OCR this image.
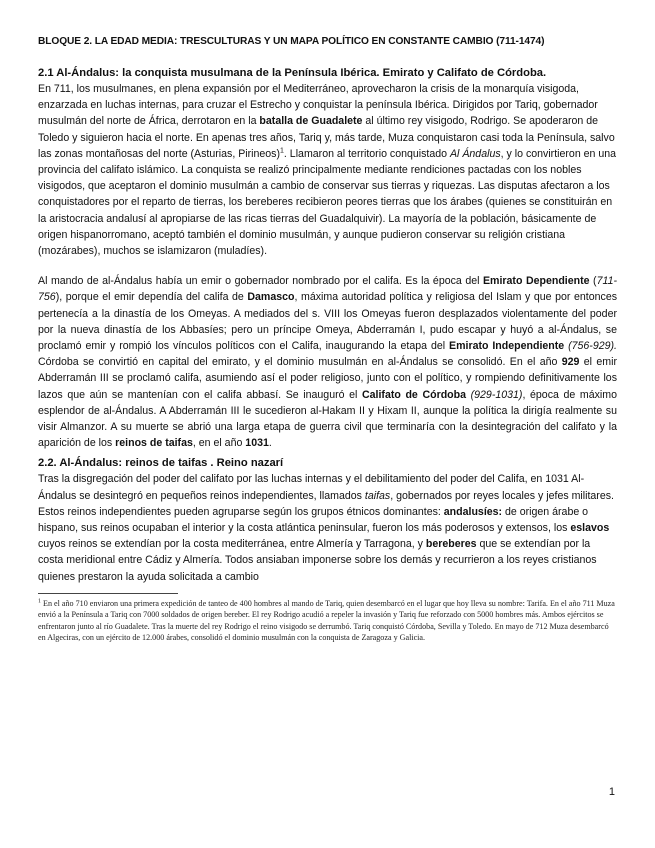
BLOQUE 2. LA EDAD MEDIA: TRESCULTURAS Y UN MAPA POLÍTICO EN CONSTANTE CAMBIO (711-1474)
2.1 Al-Ándalus: la conquista musulmana de la Península Ibérica. Emirato y Califato de Córdoba.

En 711, los musulmanes, en plena expansión por el Mediterráneo, aprovecharon la crisis de la monarquía visigoda, enzarzada en luchas internas, para cruzar el Estrecho y conquistar la península Ibérica. Dirigidos por Tariq, gobernador musulmán del norte de África, derrotaron en la batalla de Guadalete al último rey visigodo, Rodrigo. Se apoderaron de Toledo y siguieron hacia el norte. En apenas tres años, Tariq y, más tarde, Muza conquistaron casi toda la Península, salvo las zonas montañosas del norte (Asturias, Pirineos)$^1$. Llamaron al territorio conquistado Al Ándalus, y lo convirtieron en una provincia del califato islámico. La conquista se realizó principalmente mediante rendiciones pactadas con los nobles visigodos, que aceptaron el dominio musulmán a cambio de conservar sus tierras y riquezas. Las disputas afectaron a los conquistadores por el reparto de tierras, los bereberes recibieron peores tierras que los árabes (quienes se constituirán en la aristocracia andalusí al apropiarse de las ricas tierras del Guadalquivir). La mayoría de la población, básicamente de origen hispanorromano, aceptó también el dominio musulmán, y aunque pudieron conservar su religión cristiana (mozárabes), muchos se islamizaron (muladíes).

Al mando de al-Ándalus había un emir o gobernador nombrado por el califa. Es la época del Emirato Dependiente (711-756), porque el emir dependía del califa de Damasco, máxima autoridad política y religiosa del Islam y que por entonces pertenecía a la dinastía de los Omeyas. A mediados del s. VIII los Omeyas fueron desplazados violentamente del poder por la nueva dinastía de los Abbasíes; pero un príncipe Omeya, Abderramán I, pudo escapar y huyó a al-Ándalus, se proclamó emir y rompió los vínculos políticos con el Califa, inaugurando la etapa del Emirato Independiente (756-929). Córdoba se convirtió en capital del emirato, y el dominio musulmán en al-Ándalus se consolidó. En el año 929 el emir Abderramán III se proclamó califa, asumiendo así el poder religioso, junto con el político, y rompiendo definitivamente los lazos que aún se mantenían con el califa abbasí. Se inauguró el Califato de Córdoba (929-1031), época de máximo esplendor de al-Ándalus. A Abderramán III le sucedieron al-Hakam II y Hixam II, aunque la política la dirigía realmente su visir Almanzor. A su muerte se abrió una larga etapa de guerra civil que terminaría con la desintegración del califato y la aparición de los reinos de taifas, en el año 1031.

2.2. Al-Ándalus: reinos de taifas . Reino nazarí

Tras la disgregación del poder del califato por las luchas internas y el debilitamiento del poder del Califa, en 1031 Al-Ándalus se desintegró en pequeños reinos independientes, llamados taifas, gobernados por reyes locales y jefes militares. Estos reinos independientes pueden agruparse según los grupos étnicos dominantes: andalusíes: de origen árabe o hispano, sus reinos ocupaban el interior y la costa atlántica peninsular, fueron los más poderosos y extensos, los eslavos cuyos reinos se extendían por la costa mediterránea, entre Almería y Tarragona, y bereberes que se extendían por la costa meridional entre Cádiz y Almería. Todos ansiaban imponerse sobre los demás y recurrieron a los reyes cristianos quienes prestaron la ayuda solicitada a cambio

$^1$ En el año 710 enviaron una primera expedición de tanteo de 400 hombres al mando de Tariq, quien desembarcó en el lugar que hoy lleva su nombre: Tarifa. En el año 711 Muza envió a la Península a Tariq con 7000 soldados de origen bereber. El rey Rodrigo acudió a repeler la invasión y Tariq fue reforzado con 5000 hombres más. Ambos ejércitos se enfrentaron junto al río Guadalete. Tras la muerte del rey Rodrigo el reino visigodo se derrumbó. Tariq conquistó Córdoba, Sevilla y Toledo. En mayo de 712 Muza desembarcó en Algeciras, con un ejército de 12.000 árabes, consolidó el dominio musulmán con la conquista de Zaragoza y Galicia.

1
